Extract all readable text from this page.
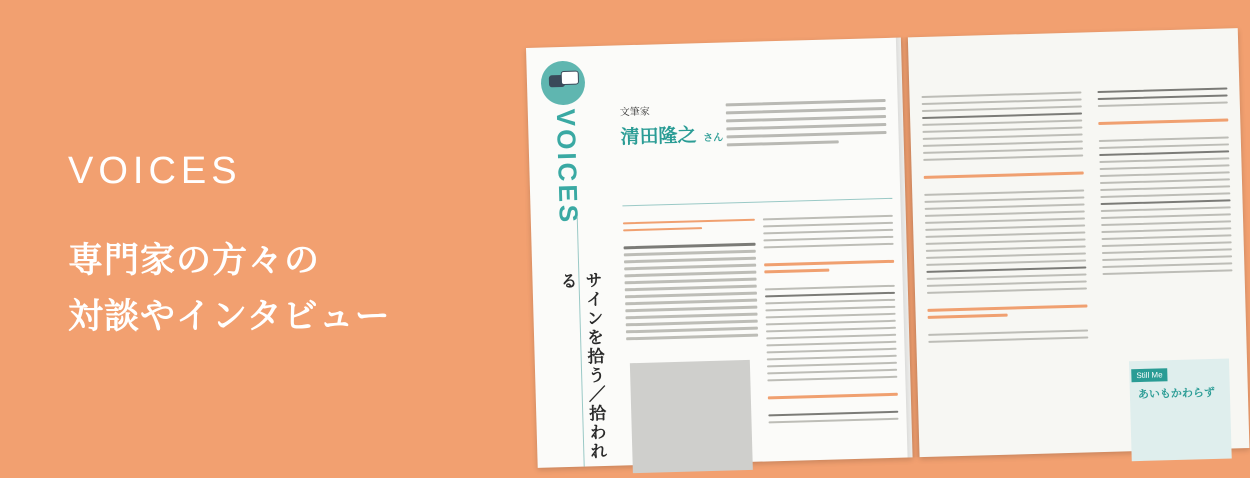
VOICES

専門家の方々の

対談やインタビュー

VOICES
サインを拾う／拾われる

文筆家

清田隆之 さん

Still Me
あいもかわらず
